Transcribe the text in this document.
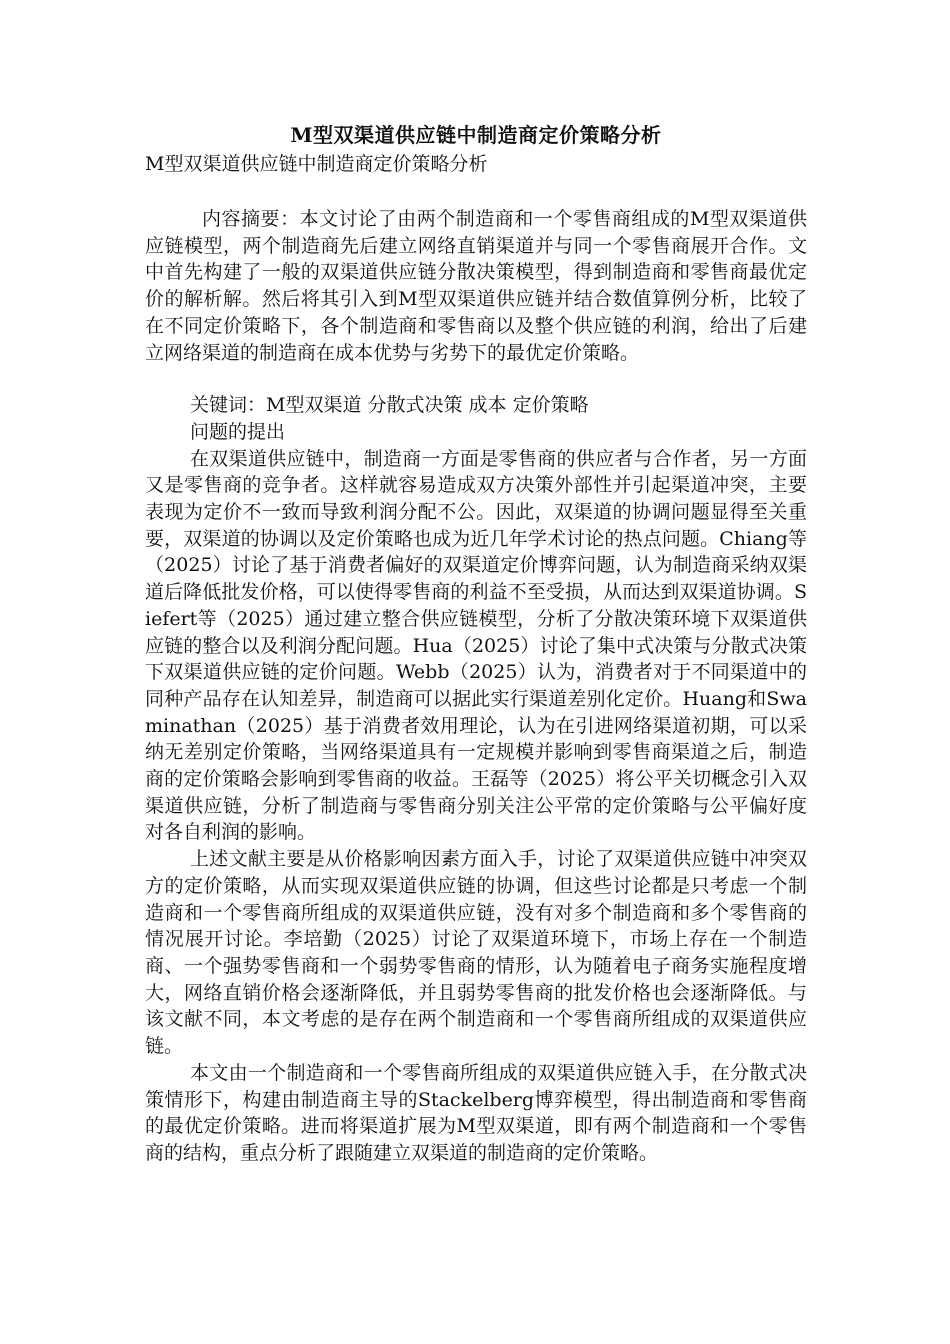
M型双渠道供应链中制造商定价策略分析
M型双渠道供应链中制造商定价策略分析

内容摘要：本文讨论了由两个制造商和一个零售商组成的M型双渠道供应链模型，两个制造商先后建立网络直销渠道并与同一个零售商展开合作。文中首先构建了一般的双渠道供应链分散决策模型，得到制造商和零售商最优定价的解析解。然后将其引入到M型双渠道供应链并结合数值算例分析，比较了在不同定价策略下，各个制造商和零售商以及整个供应链的利润，给出了后建立网络渠道的制造商在成本优势与劣势下的最优定价策略。

关键词：M型双渠道 分散式决策 成本 定价策略

问题的提出

在双渠道供应链中，制造商一方面是零售商的供应者与合作者，另一方面又是零售商的竞争者。这样就容易造成双方决策外部性并引起渠道冲突，主要表现为定价不一致而导致利润分配不公。因此，双渠道的协调问题显得至关重要，双渠道的协调以及定价策略也成为近几年学术讨论的热点问题。Chiang等（2025）讨论了基于消费者偏好的双渠道定价博弈问题，认为制造商采纳双渠道后降低批发价格，可以使得零售商的利益不至受损，从而达到双渠道协调。Siefert等（2025）通过建立整合供应链模型，分析了分散决策环境下双渠道供应链的整合以及利润分配问题。Hua（2025）讨论了集中式决策与分散式决策下双渠道供应链的定价问题。Webb（2025）认为，消费者对于不同渠道中的同种产品存在认知差异，制造商可以据此实行渠道差别化定价。Huang和Swaminathan（2025）基于消费者效用理论，认为在引进网络渠道初期，可以采纳无差别定价策略，当网络渠道具有一定规模并影响到零售商渠道之后，制造商的定价策略会影响到零售商的收益。王磊等（2025）将公平关切概念引入双渠道供应链，分析了制造商与零售商分别关注公平常的定价策略与公平偏好度对各自利润的影响。

上述文献主要是从价格影响因素方面入手，讨论了双渠道供应链中冲突双方的定价策略，从而实现双渠道供应链的协调，但这些讨论都是只考虑一个制造商和一个零售商所组成的双渠道供应链，没有对多个制造商和多个零售商的情况展开讨论。李培勤（2025）讨论了双渠道环境下，市场上存在一个制造商、一个强势零售商和一个弱势零售商的情形，认为随着电子商务实施程度增大，网络直销价格会逐渐降低，并且弱势零售商的批发价格也会逐渐降低。与该文献不同，本文考虑的是存在两个制造商和一个零售商所组成的双渠道供应链。

本文由一个制造商和一个零售商所组成的双渠道供应链入手，在分散式决策情形下，构建由制造商主导的Stackelberg博弈模型，得出制造商和零售商的最优定价策略。进而将渠道扩展为M型双渠道，即有两个制造商和一个零售商的结构，重点分析了跟随建立双渠道的制造商的定价策略。
